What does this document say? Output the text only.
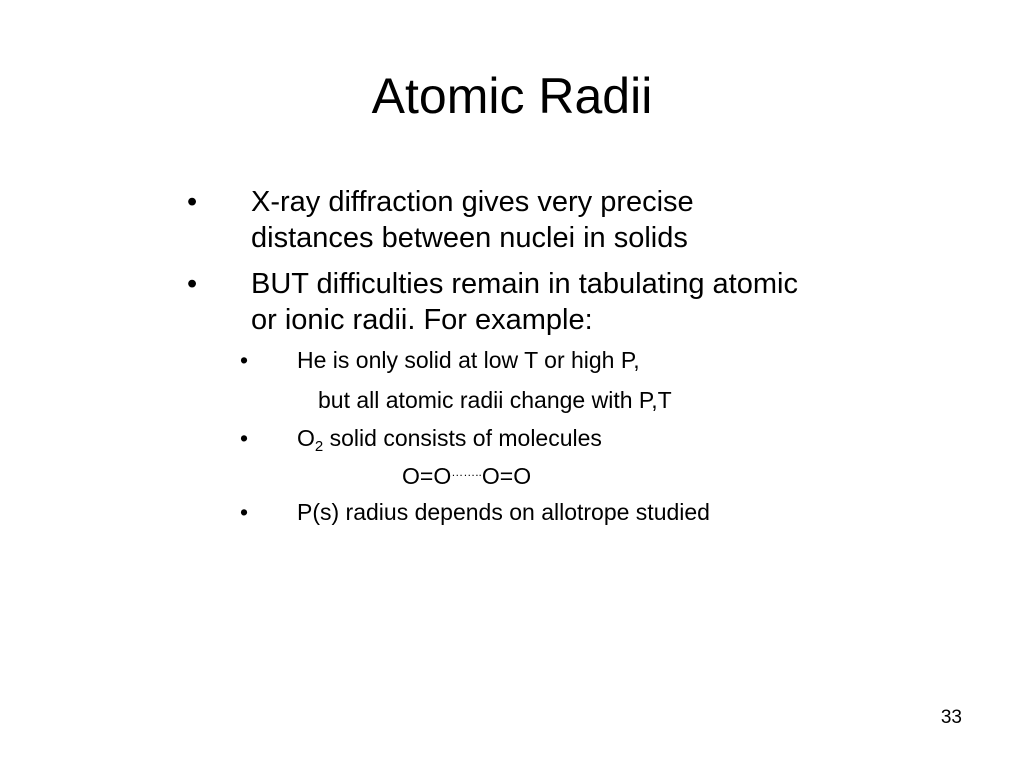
Atomic Radii
• X-ray diffraction gives very precise
distances between nuclei in solids
• BUT difficulties remain in tabulating atomic
or ionic radii. For example:
• He is only solid at low T or high P,
but all atomic radii change with P,T
• $O_2$ solid consists of molecules
O=O……..O=O
• P(s) radius depends on allotrope studied
33
